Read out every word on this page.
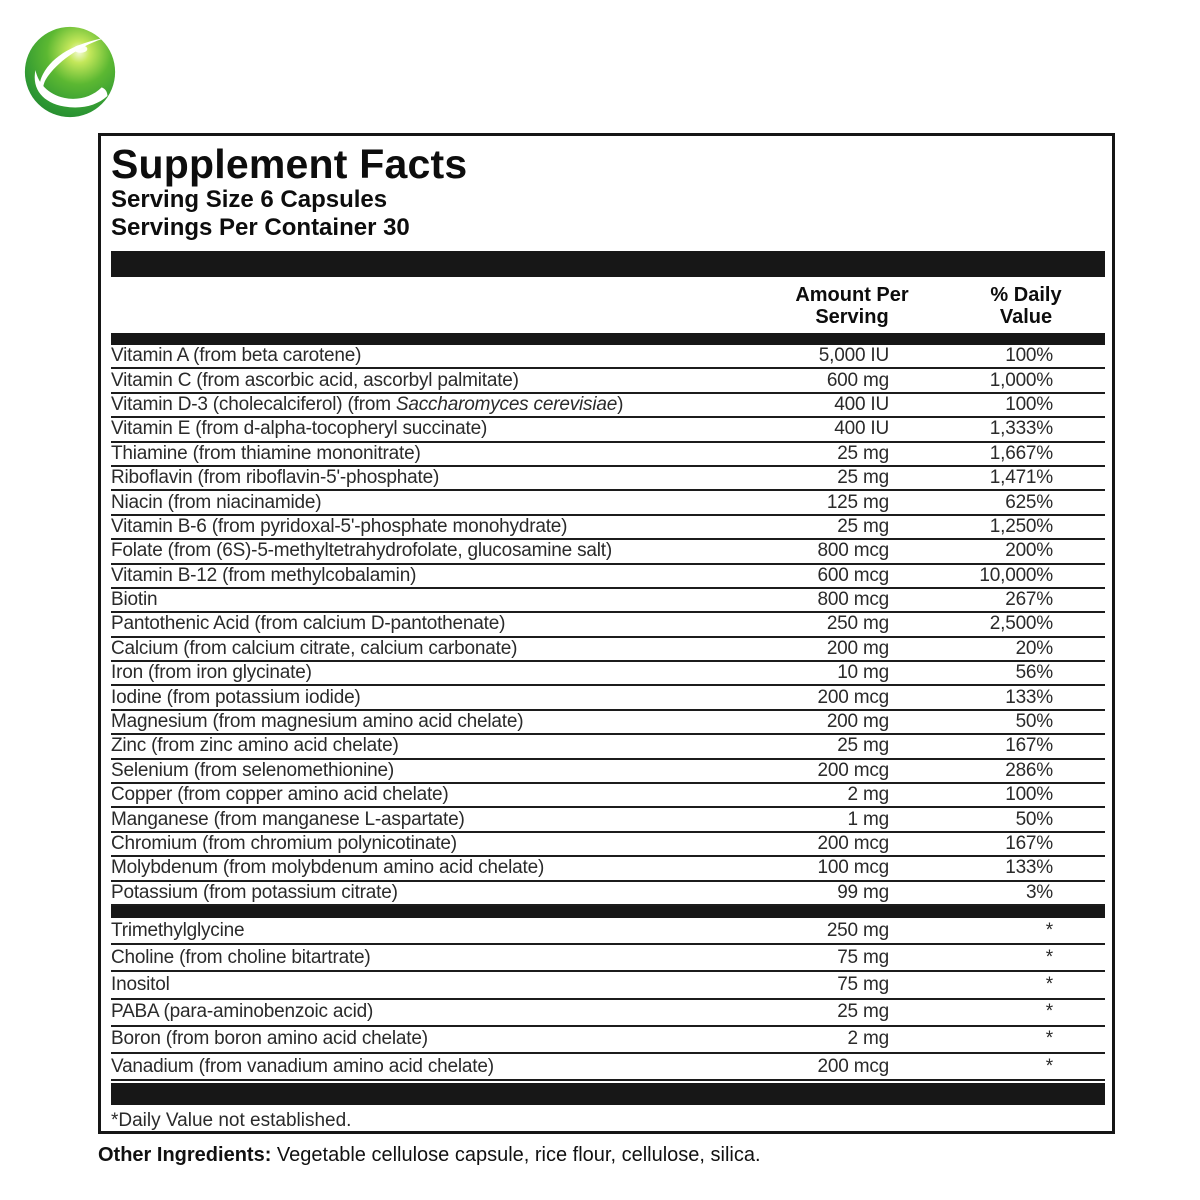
Supplement Facts
Serving Size 6 Capsules
Servings Per Container 30
Amount Per
Serving
% Daily
Value
Vitamin A (from beta carotene)	5,000 IU	100%
Vitamin C (from ascorbic acid, ascorbyl palmitate)	600 mg	1,000%
Vitamin D-3 (cholecalciferol) (from Saccharomyces cerevisiae)	400 IU	100%
Vitamin E (from d-alpha-tocopheryl succinate)	400 IU	1,333%
Thiamine (from thiamine mononitrate)	25 mg	1,667%
Riboflavin (from riboflavin-5'-phosphate)	25 mg	1,471%
Niacin (from niacinamide)	125 mg	625%
Vitamin B-6 (from pyridoxal-5'-phosphate monohydrate)	25 mg	1,250%
Folate (from (6S)-5-methyltetrahydrofolate, glucosamine salt)	800 mcg	200%
Vitamin B-12 (from methylcobalamin)	600 mcg	10,000%
Biotin	800 mcg	267%
Pantothenic Acid (from calcium D-pantothenate)	250 mg	2,500%
Calcium (from calcium citrate, calcium carbonate)	200 mg	20%
Iron (from iron glycinate)	10 mg	56%
Iodine (from potassium iodide)	200 mcg	133%
Magnesium (from magnesium amino acid chelate)	200 mg	50%
Zinc (from zinc amino acid chelate)	25 mg	167%
Selenium (from selenomethionine)	200 mcg	286%
Copper (from copper amino acid chelate)	2 mg	100%
Manganese (from manganese L-aspartate)	1 mg	50%
Chromium (from chromium polynicotinate)	200 mcg	167%
Molybdenum (from molybdenum amino acid chelate)	100 mcg	133%
Potassium (from potassium citrate)	99 mg	3%
Trimethylglycine	250 mg	*
Choline (from choline bitartrate)	75 mg	*
Inositol	75 mg	*
PABA (para-aminobenzoic acid)	25 mg	*
Boron (from boron amino acid chelate)	2 mg	*
Vanadium (from vanadium amino acid chelate)	200 mcg	*
*Daily Value not established.
Other Ingredients: Vegetable cellulose capsule, rice flour, cellulose, silica.
